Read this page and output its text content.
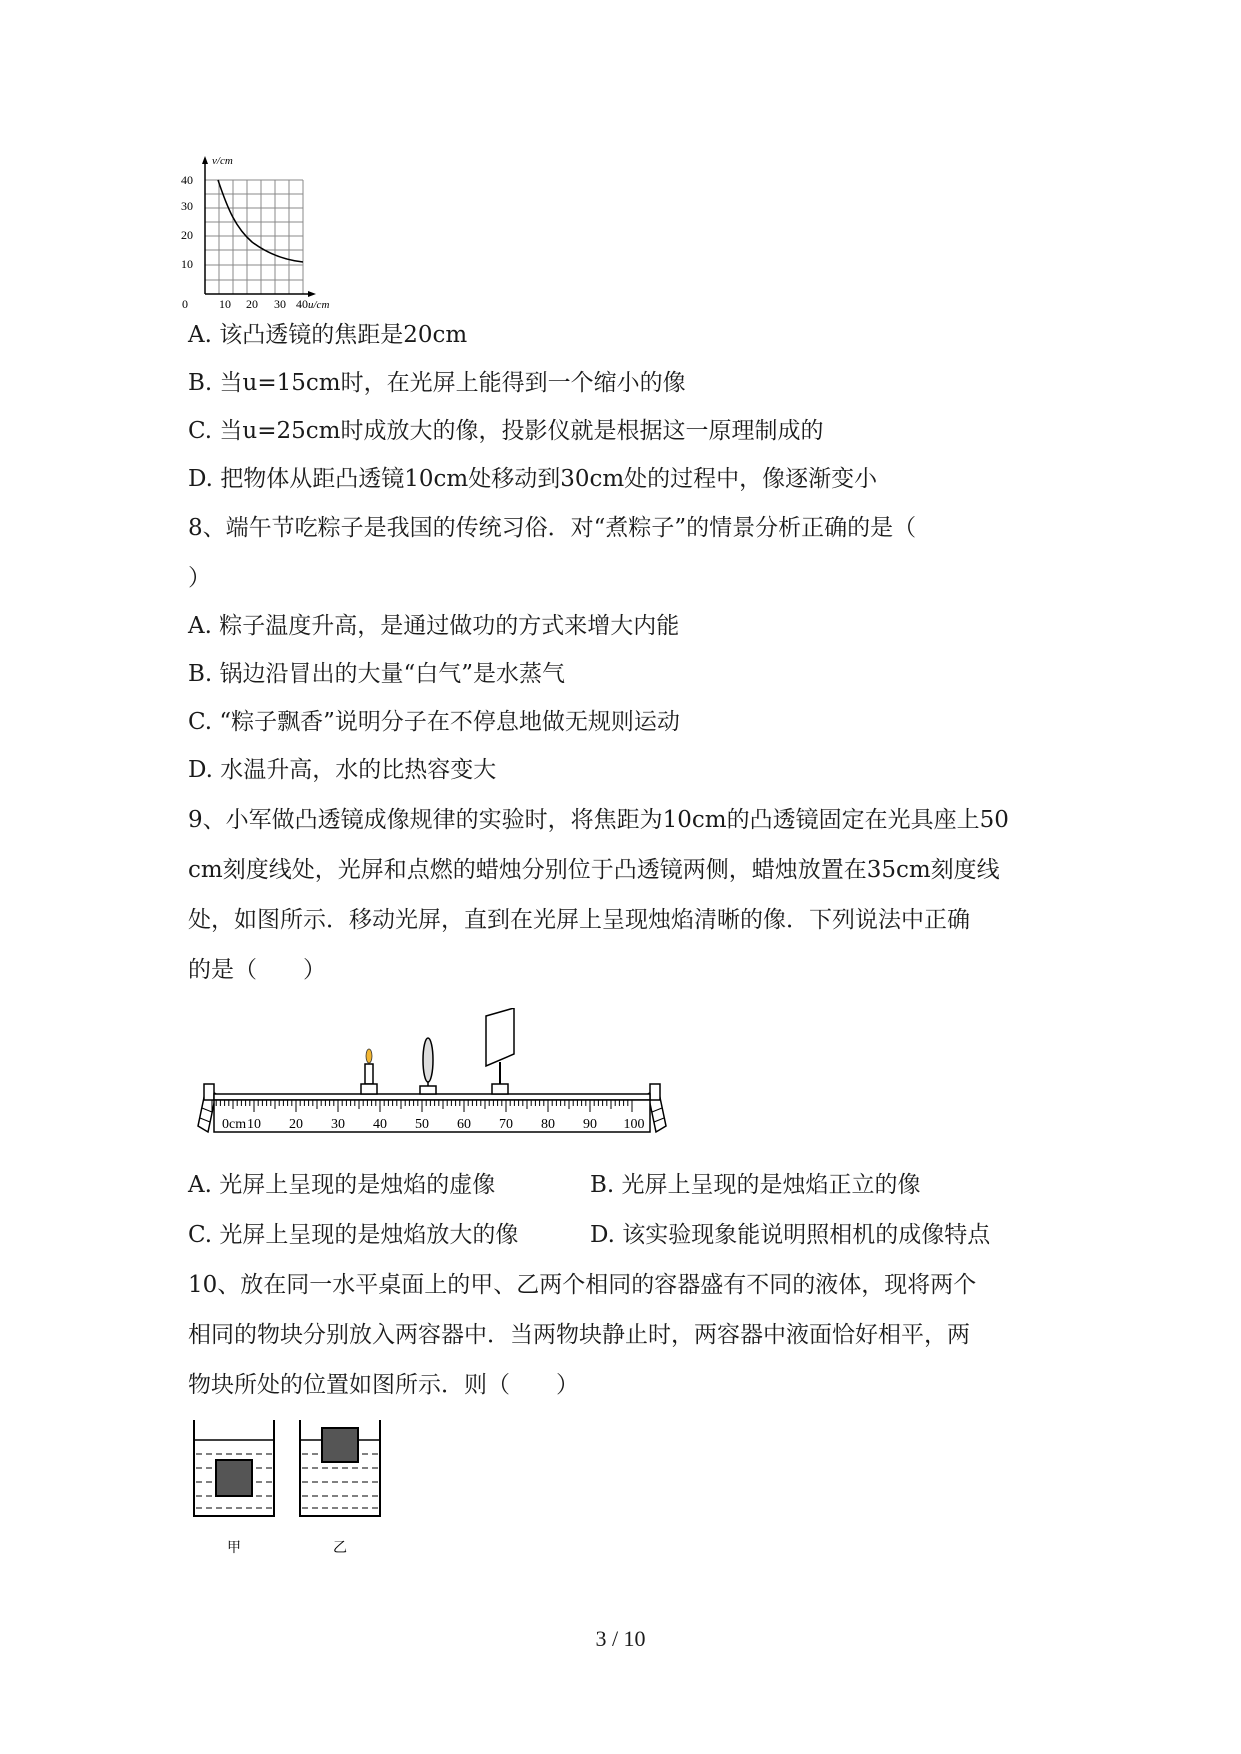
v/cm
u/cm
0
10
20
30
40
10 20 30 40
A. 该凸透镜的焦距是20cm
B. 当u=15cm时，在光屏上能得到一个缩小的像
C. 当u=25cm时成放大的像，投影仪就是根据这一原理制成的
D. 把物体从距凸透镜10cm处移动到30cm处的过程中，像逐渐变小
8、端午节吃粽子是我国的传统习俗．对“煮粽子”的情景分析正确的是（
）
A. 粽子温度升高，是通过做功的方式来增大内能
B. 锅边沿冒出的大量“白气”是水蒸气
C. “粽子飘香”说明分子在不停息地做无规则运动
D. 水温升高，水的比热容变大
9、小军做凸透镜成像规律的实验时，将焦距为10cm的凸透镜固定在光具座上50
cm刻度线处，光屏和点燃的蜡烛分别位于凸透镜两侧，蜡烛放置在35cm刻度线
处，如图所示．移动光屏，直到在光屏上呈现烛焰清晰的像．下列说法中正确
的是（　　）
0cm 10 20 30 40 50 60 70 80 90 100
A. 光屏上呈现的是烛焰的虚像	B. 光屏上呈现的是烛焰正立的像
C. 光屏上呈现的是烛焰放大的像	D. 该实验现象能说明照相机的成像特点
10、放在同一水平桌面上的甲、乙两个相同的容器盛有不同的液体，现将两个
相同的物块分别放入两容器中．当两物块静止时，两容器中液面恰好相平，两
物块所处的位置如图所示．则（　　）
甲	乙
3 / 10
